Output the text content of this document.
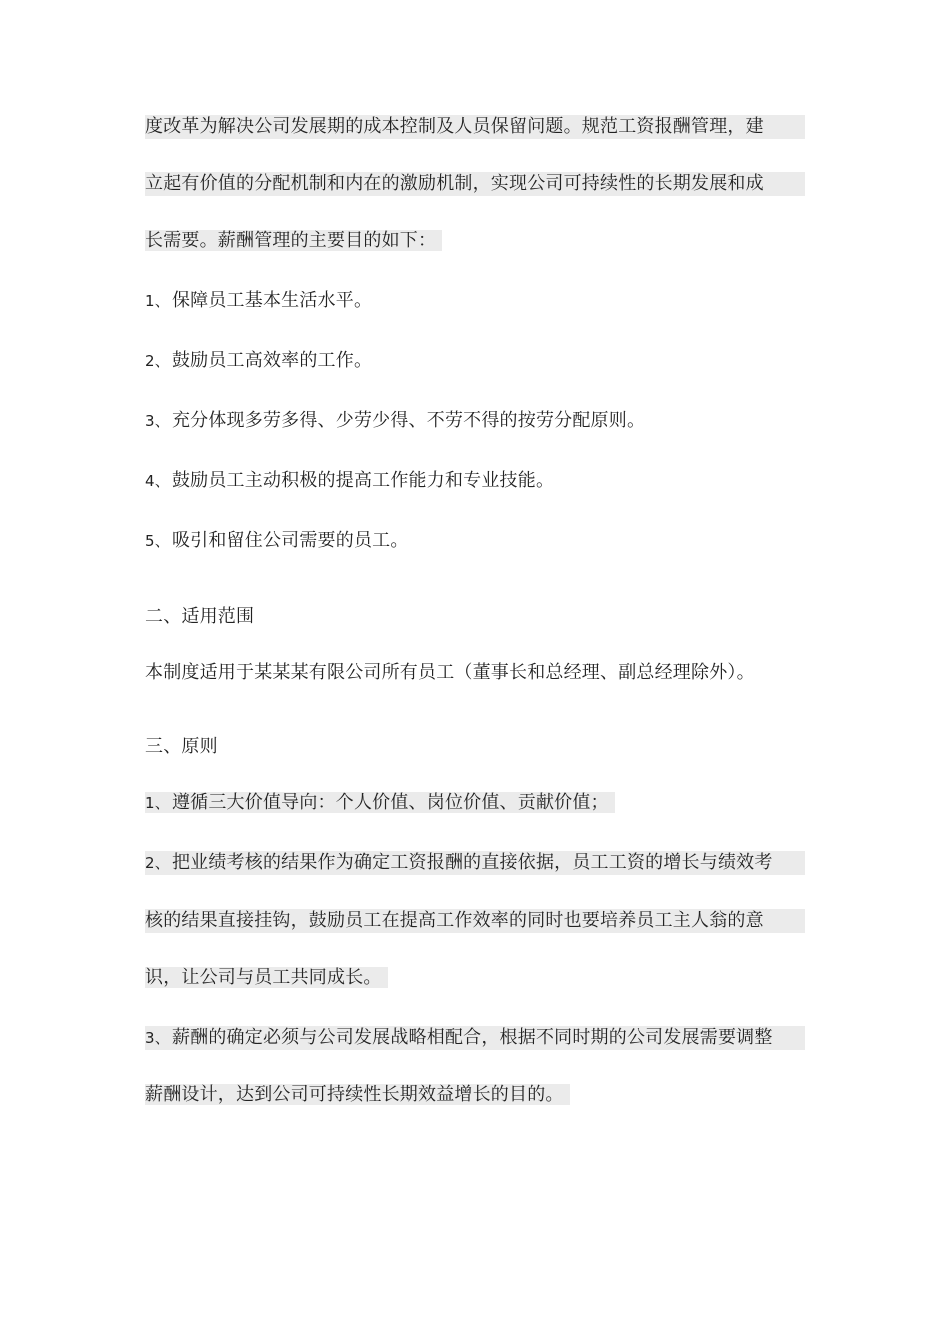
度改革为解决公司发展期的成本控制及人员保留问题。规范工资报酬管理，建
立起有价值的分配机制和内在的激励机制，实现公司可持续性的长期发展和成
长需要。薪酬管理的主要目的如下：
1、 保障员工基本生活水平。
2、 鼓励员工高效率的工作。
3、 充分体现多劳多得、少劳少得、不劳不得的按劳分配原则。
4、 鼓励员工主动积极的提高工作能力和专业技能。
5、 吸引和留住公司需要的员工。
二、适用范围
本制度适用于某某某有限公司所有员工（董事长和总经理、副总经理除外）。
三、原则
1、 遵循三大价值导向：个人价值、岗位价值、贡献价值；
2、 把业绩考核的结果作为确定工资报酬的直接依据，员工工资的增长与绩效考
核的结果直接挂钩，鼓励员工在提高工作效率的同时也要培养员工主人翁的意
识，让公司与员工共同成长。
3、 薪酬的确定必须与公司发展战略相配合，根据不同时期的公司发展需要调整
薪酬设计，达到公司可持续性长期效益增长的目的。
